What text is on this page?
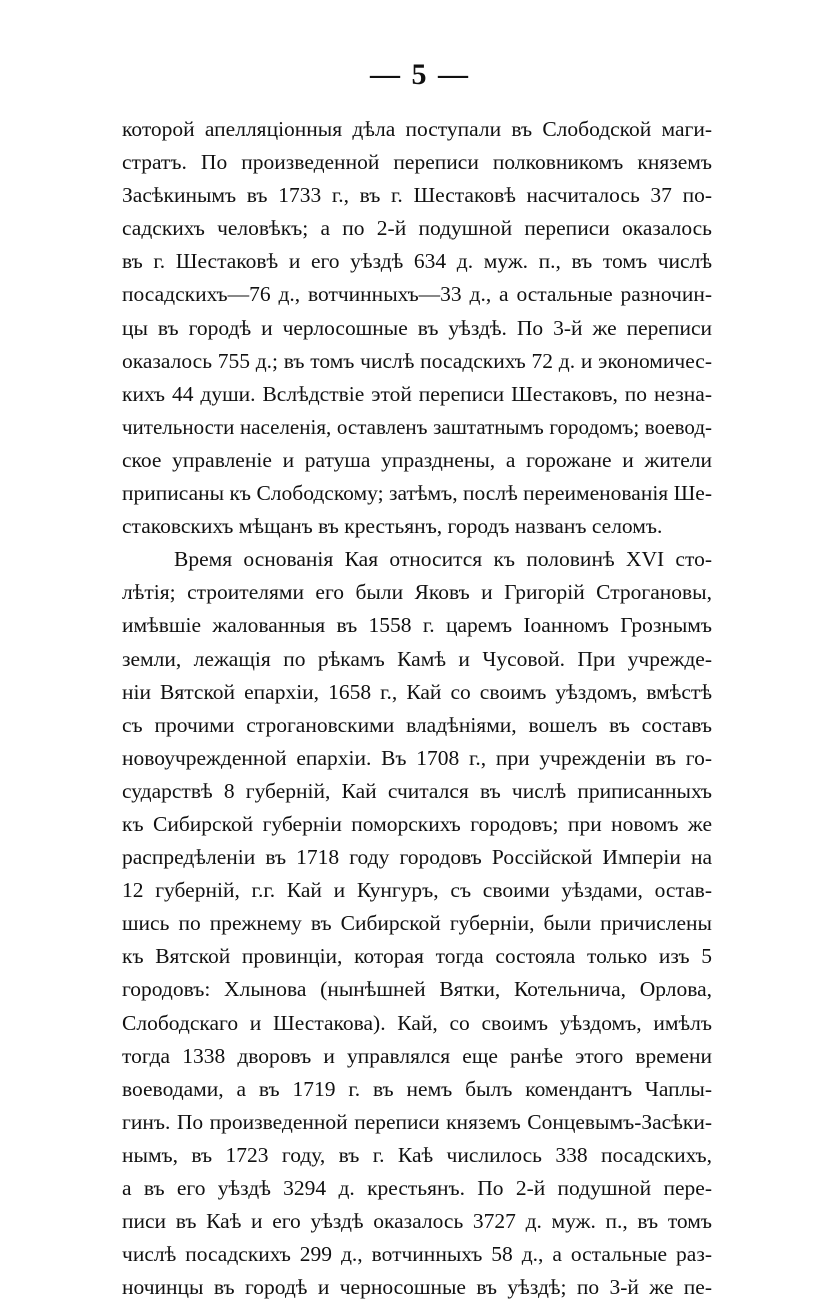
— 5 —
которой апелляціонныя дѣла поступали въ Слободской маги-
стратъ. По произведенной переписи полковникомъ княземъ
Засѣкинымъ въ 1733 г., въ г. Шестаковѣ насчиталось 37 по-
садскихъ человѣкъ; а по 2-й подушной переписи оказалось
въ г. Шестаковѣ и его уѣздѣ 634 д. муж. п., въ томъ числѣ
посадскихъ—76 д., вотчинныхъ—33 д., а остальные разночин-
цы въ городѣ и черлосошные въ уѣздѣ. По 3-й же переписи
оказалось 755 д.; въ томъ числѣ посадскихъ 72 д. и экономичес-
кихъ 44 души. Вслѣдствіе этой переписи Шестаковъ, по незна-
чительности населенія, оставленъ заштатнымъ городомъ; воевод-
ское управленіе и ратуша упразднены, а горожане и жители
приписаны къ Слободскому; затѣмъ, послѣ переименованія Ше-
стаковскихъ мѣщанъ въ крестьянъ, городъ названъ селомъ.
Время основанія Кая относится къ половинѣ XVI сто-
лѣтія; строителями его были Яковъ и Григорій Строгановы,
имѣвшіе жалованныя въ 1558 г. царемъ Іоанномъ Грознымъ
земли, лежащія по рѣкамъ Камѣ и Чусовой. При учрежде-
ніи Вятской епархіи, 1658 г., Кай со своимъ уѣздомъ, вмѣстѣ
съ прочими строгановскими владѣніями, вошелъ въ составъ
новоучрежденной епархіи. Въ 1708 г., при учрежденіи въ го-
сударствѣ 8 губерній, Кай считался въ числѣ приписанныхъ
къ Сибирской губерніи поморскихъ городовъ; при новомъ же
распредѣленіи въ 1718 году городовъ Россійской Имперіи на
12 губерній, г.г. Кай и Кунгуръ, съ своими уѣздами, остав-
шись по прежнему въ Сибирской губерніи, были причислены
къ Вятской провинціи, которая тогда состояла только изъ 5
городовъ: Хлынова (нынѣшней Вятки, Котельнича, Орлова,
Слободскаго и Шестакова). Кай, со своимъ уѣздомъ, имѣлъ
тогда 1338 дворовъ и управлялся еще ранѣе этого времени
воеводами, а въ 1719 г. въ немъ былъ комендантъ Чаплы-
гинъ. По произведенной переписи княземъ Сонцевымъ-Засѣки-
нымъ, въ 1723 году, въ г. Каѣ числилось 338 посадскихъ,
а въ его уѣздѣ 3294 д. крестьянъ. По 2-й подушной пере-
писи въ Каѣ и его уѣздѣ оказалось 3727 д. муж. п., въ томъ
числѣ посадскихъ 299 д., вотчинныхъ 58 д., а остальные раз-
ночинцы въ городѣ и черносошные въ уѣздѣ; по 3-й же пе-
